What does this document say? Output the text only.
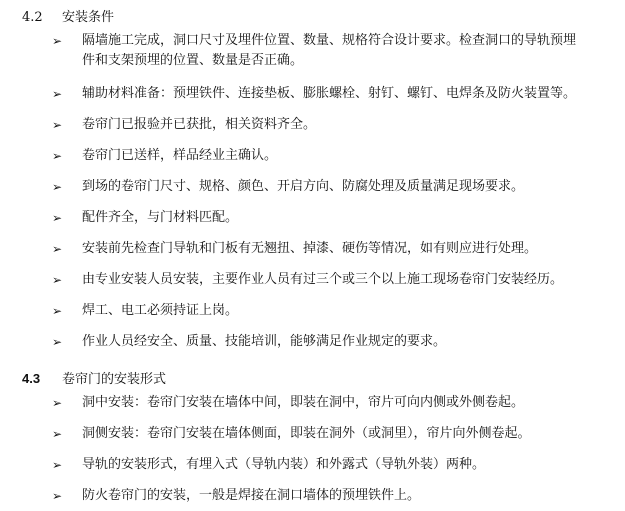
4.2 安装条件
➢	隔墙施工完成，洞口尺寸及埋件位置、数量、规格符合设计要求。检查洞口的导轨预埋
件和支架预埋的位置、数量是否正确。
➢	辅助材料准备：预埋铁件、连接垫板、膨胀螺栓、射钉、螺钉、电焊条及防火装置等。
➢	卷帘门已报验并已获批，相关资料齐全。
➢	卷帘门已送样，样品经业主确认。
➢	到场的卷帘门尺寸、规格、颜色、开启方向、防腐处理及质量满足现场要求。
➢	配件齐全，与门材料匹配。
➢	安装前先检查门导轨和门板有无翘扭、掉漆、硬伤等情况，如有则应进行处理。
➢	由专业安装人员安装，主要作业人员有过三个或三个以上施工现场卷帘门安装经历。
➢	焊工、电工必须持证上岗。
➢	作业人员经安全、质量、技能培训，能够满足作业规定的要求。
4.3 卷帘门的安装形式
➢	洞中安装：卷帘门安装在墙体中间，即装在洞中，帘片可向内侧或外侧卷起。
➢	洞侧安装：卷帘门安装在墙体侧面，即装在洞外（或洞里），帘片向外侧卷起。
➢	导轨的安装形式，有埋入式（导轨内装）和外露式（导轨外装）两种。
➢	防火卷帘门的安装，一般是焊接在洞口墙体的预埋铁件上。
